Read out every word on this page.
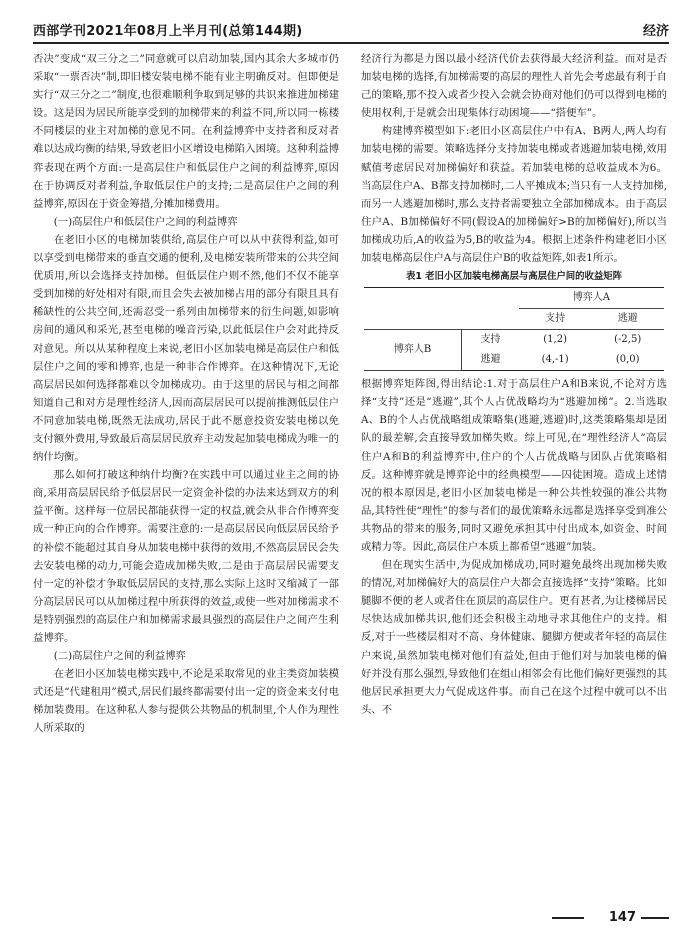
西部学刊2021年08月上半月刊(总第144期)	经济

否决”变成“双三分之二”同意就可以启动加装,国内其余大多城市仍采取“一票否决”制,即旧楼安装电梯不能有业主明确反对。但即便是实行“双三分之二”制度,也很难顺利争取到足够的共识来推进加梯建设。这是因为居民所能享受到的加梯带来的利益不同,所以同一栋楼不同楼层的业主对加梯的意见不同。在利益博弈中支持者和反对者难以达成均衡的结果,导致老旧小区增设电梯陷入困境。这种利益博弈表现在两个方面:一是高层住户和低层住户之间的利益博弈,原因在于协调反对者利益,争取低层住户的支持;二是高层住户之间的利益博弈,原因在于资金筹措,分摊加梯费用。

(一)高层住户和低层住户之间的利益博弈

在老旧小区的电梯加装供给,高层住户可以从中获得利益,如可以享受到电梯带来的垂直交通的便利,及电梯安装所带来的公共空间优质用,所以会选择支持加梯。但低层住户则不然,他们不仅不能享受到加梯的好处相对有限,而且会失去被加梯占用的部分有限且具有稀缺性的公共空间,还需忍受一系列由加梯带来的衍生问题,如影响房间的通风和采光,甚至电梯的噪音污染,以此低层住户会对此持反对意见。所以从某种程度上来说,老旧小区加装电梯是高层住户和低层住户之间的零和博弈,也是一种非合作博弈。在这种情况下,无论高层居民如何选择都难以令加梯成功。由于这里的居民与相之间都知道自己和对方是理性经济人,因而高层居民可以提前推测低层住户不同意加装电梯,既然无法成功,居民于此不愿意投资安装电梯以免支付额外费用,导致最后高层居民放弃主动发起加装电梯成为唯一的纳什均衡。

那么如何打破这种纳什均衡?在实践中可以通过业主之间的协商,采用高层居民给予低层居民一定资金补偿的办法来达到双方的利益平衡。这样每一位居民都能获得一定的权益,就会从非合作博弈变成一种正向的合作博弈。需要注意的:一是高层居民向低层居民给予的补偿不能超过其自身从加装电梯中获得的效用,不然高层居民会失去安装电梯的动力,可能会造成加梯失败,二是由于高层居民需要支付一定的补偿才争取低层居民的支持,那么实际上这时又缩减了一部分高层居民可以从加梯过程中所获得的效益,或使一些对加梯需求不是特别强烈的高层住户和加梯需求最具强烈的高层住户之间产生利益博弈。

(二)高层住户之间的利益博弈

在老旧小区加装电梯实践中,不论是采取常见的业主类资加装模式还是“代建租用”模式,居民们最终都需要付出一定的资金来支付电梯加装费用。在这种私人参与提供公共物品的机制里,个人作为理性人所采取的

经济行为都是力图以最小经济代价去获得最大经济利益。而对是否加装电梯的选择,有加梯需要的高层的理性人首先会考虑最有利于自己的策略,那不投入或者少投入会就会协商对他们仍可以得到电梯的使用权利,于是就会出现集体行动困境——“搭便车”。

构建博弈模型如下:老旧小区高层住户中有A、B两人,两人均有加装电梯的需要。策略选择分支持加装电梯或者逃避加装电梯,效用赋值考虑居民对加梯偏好和获益。若加装电梯的总收益成本为6。当高层住户A、B都支持加梯时,二人平摊成本;当只有一人支持加梯,而另一人逃避加梯时,那么支持者需要独立全部加梯成本。由于高层住户A、B加梯偏好不同(假设A的加梯偏好>B的加梯偏好),所以当加梯成功后,A的收益为5,B的收益为4。根据上述条件构建老旧小区加装电梯高层住户A与高层住户B的收益矩阵,如表1所示。

表1 老旧小区加装电梯高层与高层住户间的收益矩阵
		博弈人A	
		支持	逃避
博弈人B	支持	(1,2)	(-2,5)
	逃避	(4,-1)	(0,0)

根据博弈矩阵图,得出结论:1.对于高层住户A和B来说,不论对方选择“支持”还是“逃避”,其个人占优战略均为“逃避加梯”。2.当选取A、B的个人占优战略组成策略集(逃避,逃避)时,这类策略集却是团队的最差解,会直接导致加梯失败。综上可见,在“理性经济人”高层住户A和B的利益博弈中,住户的个人占优战略与团队占优策略相反。这种博弈就是博弈论中的经典模型——囚徒困境。造成上述情况的根本原因是,老旧小区加装电梯是一种公共性较强的准公共物品,其特性使“理性”的参与者们的最优策略永远都是选择享受到准公共物品的带来的服务,同时又避免承担其中付出成本,如资金、时间或精力等。因此,高层住户本质上都希望“逃避”加装。

但在现实生活中,为促成加梯成功,同时避免最终出现加梯失败的情况,对加梯偏好大的高层住户大都会直接选择“支持”策略。比如腿脚不便的老人或者住在顶层的高层住户。更有甚者,为让楼梯居民尽快达成加梯共识,他们还会积极主动地寻求其他住户的支持。相反,对于一些楼层相对不高、身体健康、腿脚方便或者年轻的高层住户来说,虽然加装电梯对他们有益处,但由于他们对与加装电梯的偏好并没有那么强烈,导致他们在组山相邻会有比他们偏好更强烈的其他居民承担更大力气促成这件事。而自己在这个过程中就可以不出头、不

147
